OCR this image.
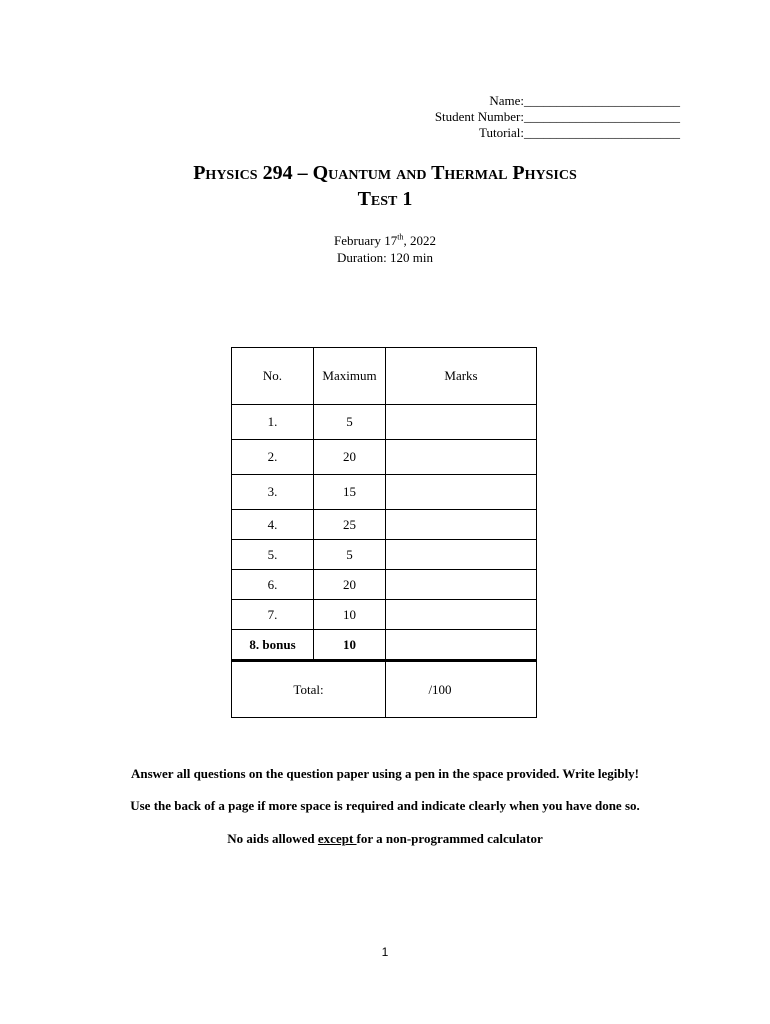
Name:________________________
Student Number:________________________
Tutorial:________________________
Physics 294 – Quantum and Thermal Physics
Test 1
February 17th, 2022
Duration: 120 min
No.	Maximum	Marks
1.	5	
2.	20	
3.	15	
4.	25	
5.	5	
6.	20	
7.	10	
8. bonus	10	
Total:		/100
Answer all questions on the question paper using a pen in the space provided. Write legibly!
Use the back of a page if more space is required and indicate clearly when you have done so.
No aids allowed except for a non-programmed calculator
1
